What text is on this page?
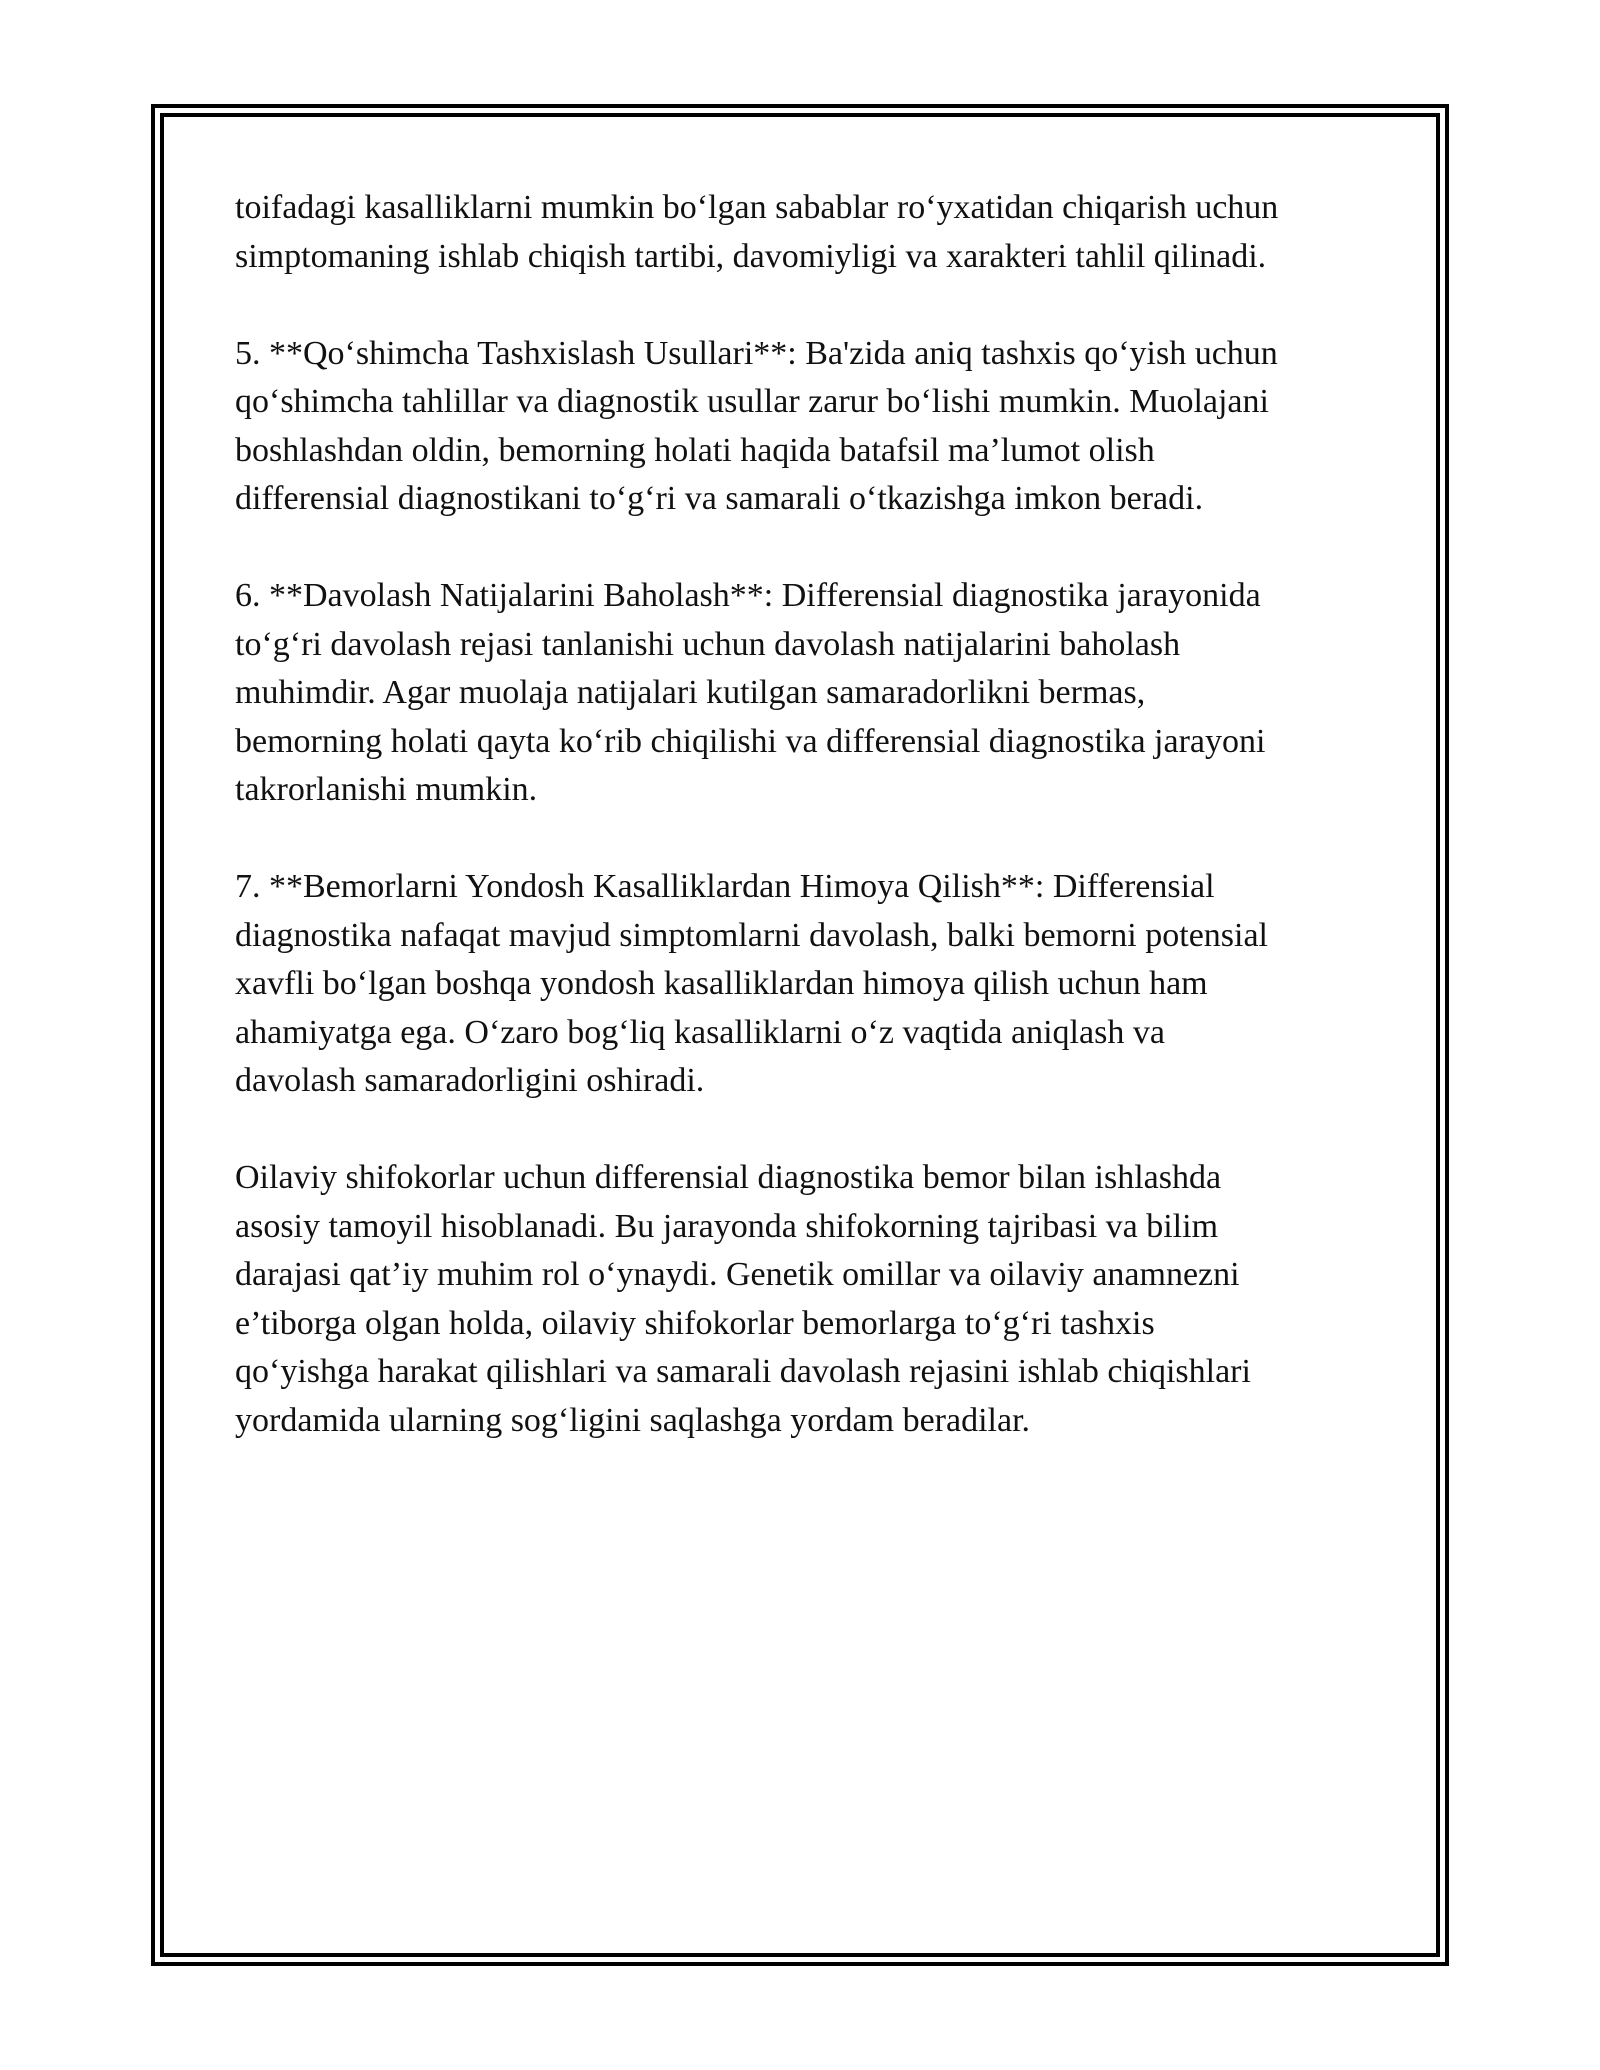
toifadagi kasalliklarni mumkin bo‘lgan sabablar ro‘yxatidan chiqarish uchun
simptomaning ishlab chiqish tartibi, davomiyligi va xarakteri tahlil qilinadi.

5. **Qo‘shimcha Tashxislash Usullari**: Ba'zida aniq tashxis qo‘yish uchun
qo‘shimcha tahlillar va diagnostik usullar zarur bo‘lishi mumkin. Muolajani
boshlashdan oldin, bemorning holati haqida batafsil ma’lumot olish
differensial diagnostikani to‘g‘ri va samarali o‘tkazishga imkon beradi.

6. **Davolash Natijalarini Baholash**: Differensial diagnostika jarayonida
to‘g‘ri davolash rejasi tanlanishi uchun davolash natijalarini baholash
muhimdir. Agar muolaja natijalari kutilgan samaradorlikni bermas,
bemorning holati qayta ko‘rib chiqilishi va differensial diagnostika jarayoni
takrorlanishi mumkin.

7. **Bemorlarni Yondosh Kasalliklardan Himoya Qilish**: Differensial
diagnostika nafaqat mavjud simptomlarni davolash, balki bemorni potensial
xavfli bo‘lgan boshqa yondosh kasalliklardan himoya qilish uchun ham
ahamiyatga ega. O‘zaro bog‘liq kasalliklarni o‘z vaqtida aniqlash va
davolash samaradorligini oshiradi.

Oilaviy shifokorlar uchun differensial diagnostika bemor bilan ishlashda
asosiy tamoyil hisoblanadi. Bu jarayonda shifokorning tajribasi va bilim
darajasi qat’iy muhim rol o‘ynaydi. Genetik omillar va oilaviy anamnezni
e’tiborga olgan holda, oilaviy shifokorlar bemorlarga to‘g‘ri tashxis
qo‘yishga harakat qilishlari va samarali davolash rejasini ishlab chiqishlari
yordamida ularning sog‘ligini saqlashga yordam beradilar.
